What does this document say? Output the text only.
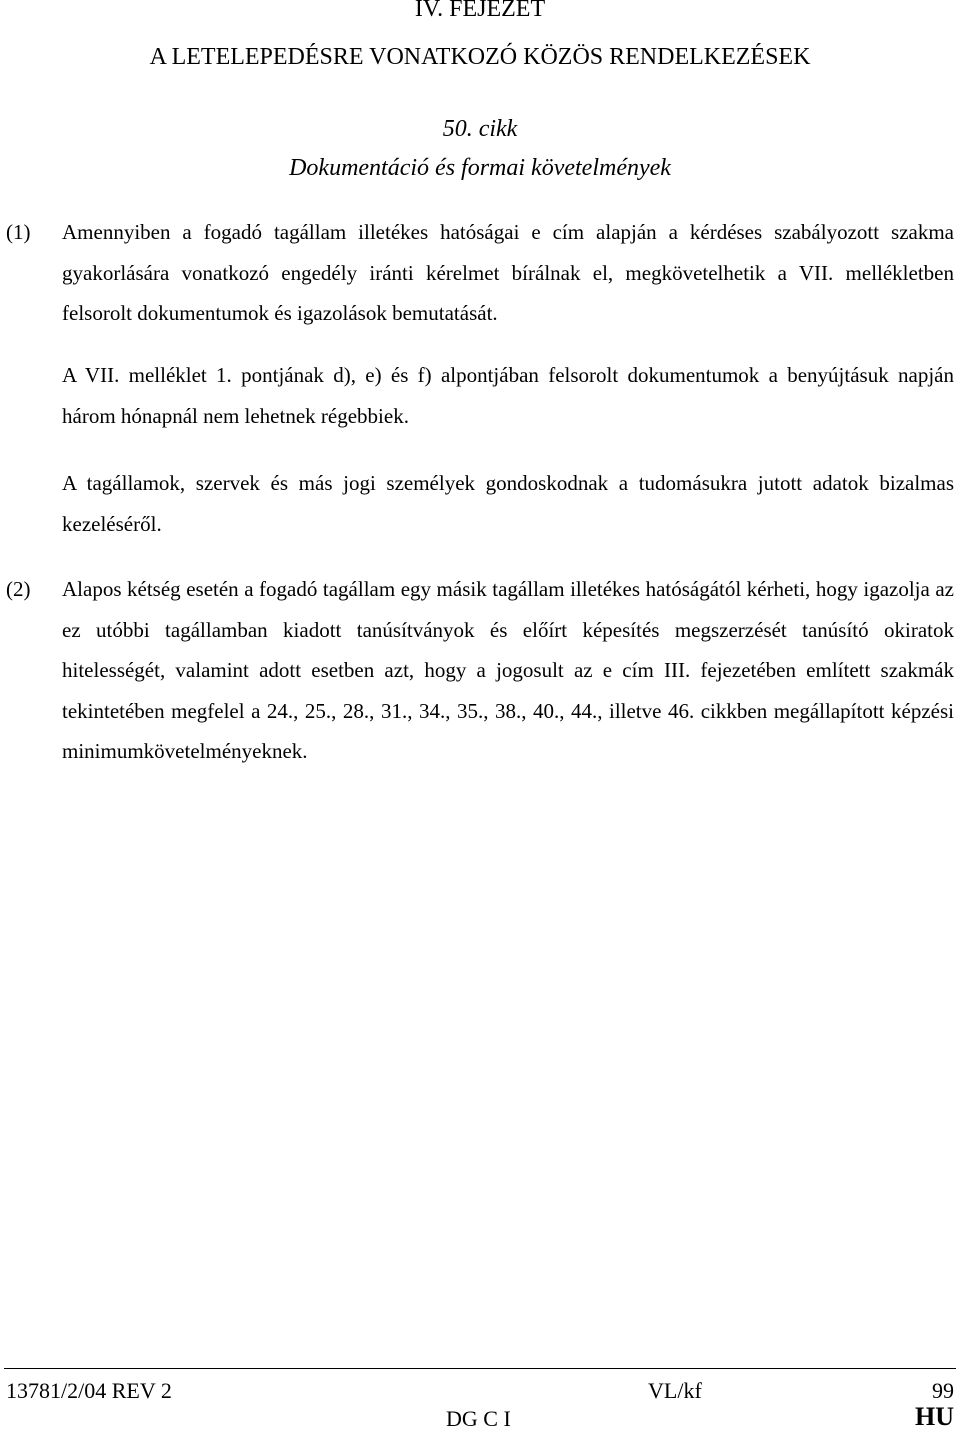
IV. FEJEZET
A LETELEPEDÉSRE VONATKOZÓ KÖZÖS RENDELKEZÉSEK
50. cikk
Dokumentáció és formai követelmények
(1) Amennyiben a fogadó tagállam illetékes hatóságai e cím alapján a kérdéses szabályozott szakma gyakorlására vonatkozó engedély iránti kérelmet bírálnak el, megkövetelhetik a VII. mellékletben felsorolt dokumentumok és igazolások bemutatását.
A VII. melléklet 1. pontjának d), e) és f) alpontjában felsorolt dokumentumok a benyújtásuk napján három hónapnál nem lehetnek régebbiek.
A tagállamok, szervek és más jogi személyek gondoskodnak a tudomásukra jutott adatok bizalmas kezeléséről.
(2) Alapos kétség esetén a fogadó tagállam egy másik tagállam illetékes hatóságától kérheti, hogy igazolja az ez utóbbi tagállamban kiadott tanúsítványok és előírt képesítés megszerzését tanúsító okiratok hitelességét, valamint adott esetben azt, hogy a jogosult az e cím III. fejezetében említett szakmák tekintetében megfelel a 24., 25., 28., 31., 34., 35., 38., 40., 44., illetve 46. cikkben megállapított képzési minimumkövetelményeknek.
13781/2/04 REV 2	VL/kf	99
DG C I	HU
